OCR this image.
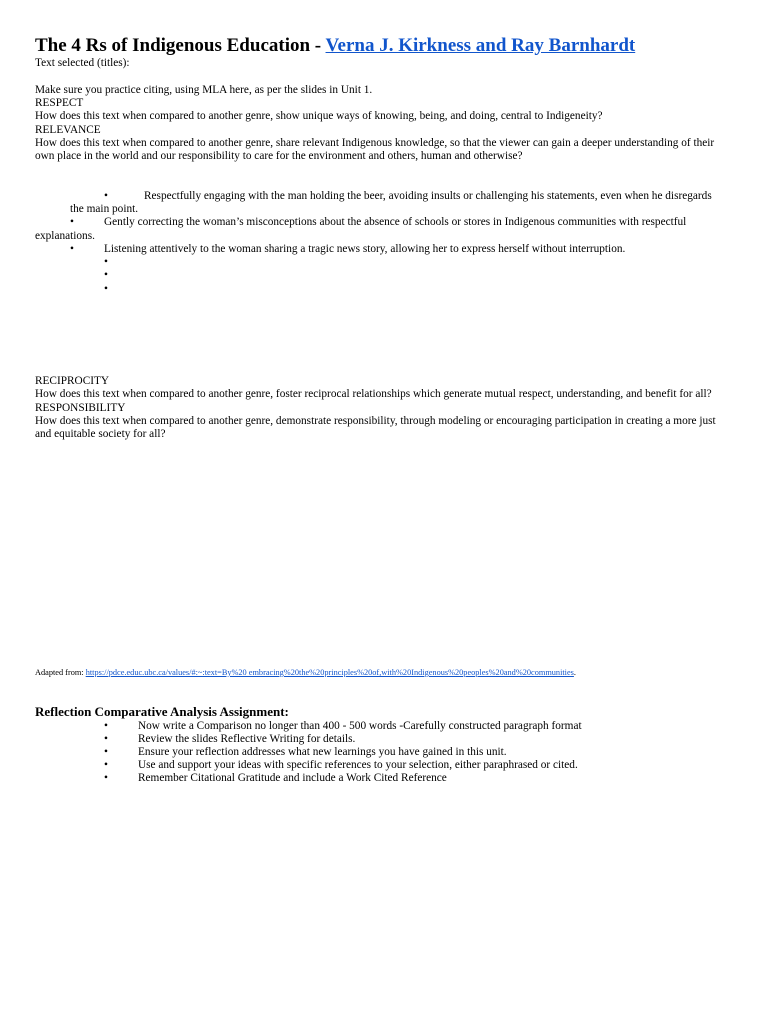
The 4 Rs of Indigenous Education - Verna J. Kirkness and Ray Barnhardt
Text selected (titles):
Make sure you practice citing, using MLA here, as per the slides in Unit 1.
RESPECT
How does this text when compared to another genre, show unique ways of knowing, being, and doing, central to Indigeneity?
RELEVANCE
How does this text when compared to another genre, share relevant Indigenous knowledge, so that the viewer can gain a deeper understanding of their own place in the world and our responsibility to care for the environment and others, human and otherwise?
•	Respectfully engaging with the man holding the beer, avoiding insults or challenging his statements, even when he disregards
the main point.
•	Gently correcting the woman’s misconceptions about the absence of schools or stores in Indigenous communities with respectful
explanations.
•	Listening attentively to the woman sharing a tragic news story, allowing her to express herself without interruption.
•
•
•
RECIPROCITY
How does this text when compared to another genre, foster reciprocal relationships which generate mutual respect, understanding, and benefit for all?
RESPONSIBILITY
How does this text when compared to another genre, demonstrate responsibility, through modeling or encouraging participation in creating a more just and equitable society for all?
Adapted from: https://pdce.educ.ubc.ca/values/#:~:text=By%20 embracing%20the%20principles%20of,with%20Indigenous%20peoples%20and%20communities.
Reflection Comparative Analysis Assignment:
•	Now write a Comparison no longer than 400 - 500 words -Carefully constructed paragraph format
•	Review the slides Reflective Writing for details.
•	Ensure your reflection addresses what new learnings you have gained in this unit.
•	Use and support your ideas with specific references to your selection, either paraphrased or cited.
•	Remember Citational Gratitude and include a Work Cited Reference
